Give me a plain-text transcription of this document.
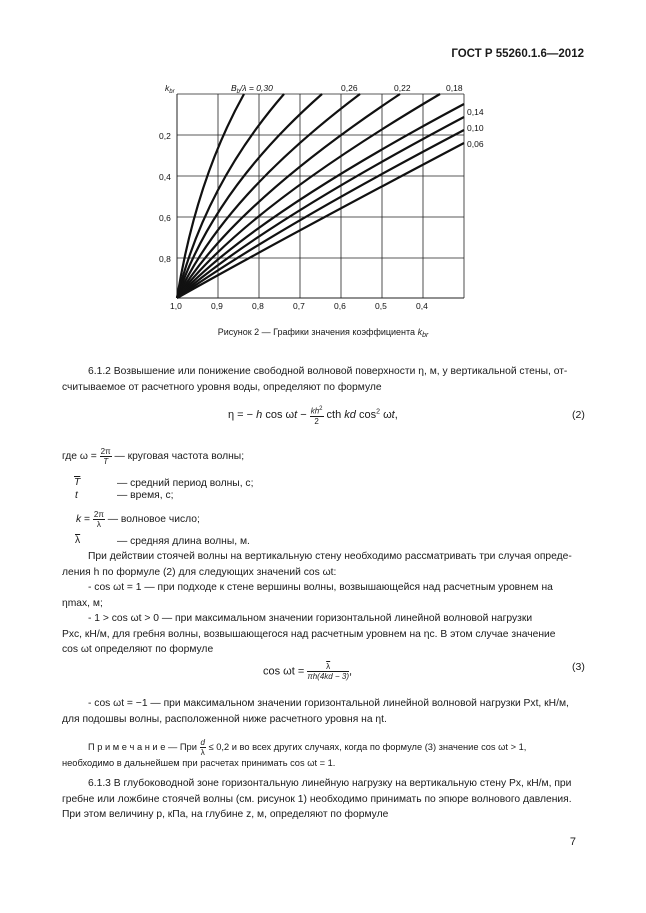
ГОСТ Р 55260.1.6—2012
$k_{br}$	$B_b/\lambda = 0,30$	0,26	0,22	0,18
0,14
0,10
0,06
0,2
0,4
0,6
0,8
1,0	0,9	0,8	0,7	0,6	0,5	0,4
Рисунок 2 — Графики значения коэффициента $k_{br}$
6.1.2 Возвышение или понижение свободной волновой поверхности η, м, у вертикальной стены, от-
считываемое от расчетного уровня воды, определяют по формуле
η = − h $\cos \omega t - \frac{kh^2}{2}$ cth kd $\cos^2 \omega t$,	(2)
где $\omega = \frac{2\pi}{T}$ — круговая частота волны;
$\overline{T}$	— средний период волны, с;
t	— время, с;
$k = \frac{2\pi}{\lambda}$ — волновое число;
$\overline{\lambda}$	— средняя длина волны, м.
При действии стоячей волны на вертикальную стену необходимо рассматривать три случая опреде-
ления h по формуле (2) для следующих значений cos ωt:
- cos ωt = 1 — при подходе к стене вершины волны, возвышающейся над расчетным уровнем на
ηmax, м;
- 1 > cos ωt > 0 — при максимальном значении горизонтальной линейной волновой нагрузки
Pxc, кН/м, для гребня волны, возвышающегося над расчетным уровнем на ηc. В этом случае значение
cos ωt определяют по формуле
$\cos \omega t = \frac{\overline{\lambda}}{\pi h(4kd - 3)}$ ,	(3)
- cos ωt = −1 — при максимальном значении горизонтальной линейной волновой нагрузки Pxt, кН/м,
для подошвы волны, расположенной ниже расчетного уровня на ηt.
П р и м е ч а н и е — При $\frac{d}{\lambda} \le 0,2$ и во всех других случаях, когда по формуле (3) значение cos ωt > 1,
необходимо в дальнейшем при расчетах принимать cos ωt = 1.
6.1.3 В глубоководной зоне горизонтальную линейную нагрузку на вертикальную стену Px, кН/м, при
гребне или ложбине стоячей волны (см. рисунок 1) необходимо принимать по эпюре волнового давления.
При этом величину p, кПа, на глубине z, м, определяют по формуле
7
